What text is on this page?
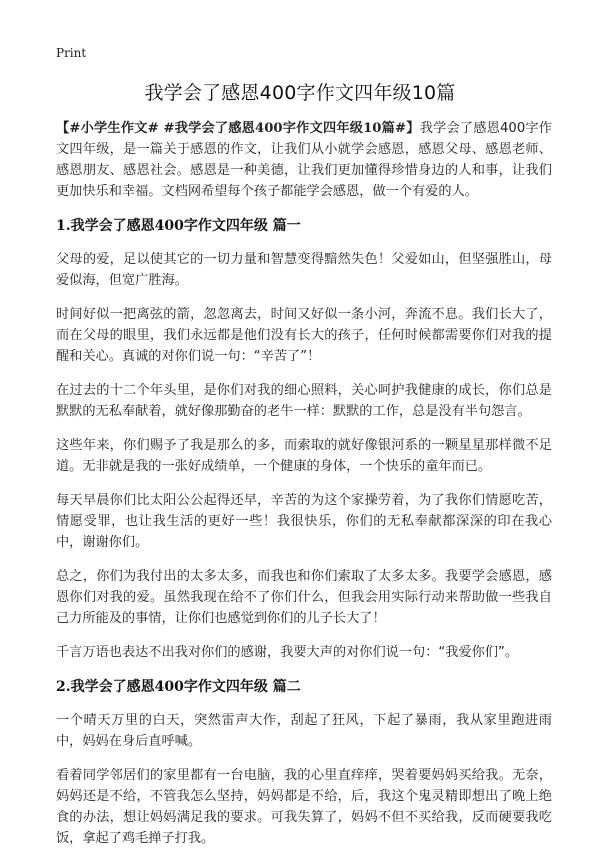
Print
我学会了感恩400字作文四年级10篇

【#小学生作文# #我学会了感恩400字作文四年级10篇#】我学会了感恩400字作文四年级，是一篇关于感恩的作文，让我们从小就学会感恩，感恩父母、感恩老师、感恩朋友、感恩社会。感恩是一种美德，让我们更加懂得珍惜身边的人和事，让我们更加快乐和幸福。文档网希望每个孩子都能学会感恩，做一个有爱的人。

1.我学会了感恩400字作文四年级 篇一

父母的爱，足以使其它的一切力量和智慧变得黯然失色！父爱如山，但坚强胜山，母爱似海，但宽广胜海。

时间好似一把离弦的箭，忽忽离去，时间又好似一条小河，奔流不息。我们长大了，而在父母的眼里，我们永远都是他们没有长大的孩子，任何时候都需要你们对我的提醒和关心。真诚的对你们说一句：“辛苦了”！

在过去的十二个年头里，是你们对我的细心照料，关心呵护我健康的成长，你们总是默默的无私奉献着，就好像那勤奋的老牛一样：默默的工作，总是没有半句怨言。

这些年来，你们赐予了我是那么的多，而索取的就好像银河系的一颗星星那样微不足道。无非就是我的一张好成绩单，一个健康的身体，一个快乐的童年而已。

每天早晨你们比太阳公公起得还早，辛苦的为这个家操劳着，为了我你们情愿吃苦，情愿受罪，也让我生活的更好一些！我很快乐，你们的无私奉献都深深的印在我心中，谢谢你们。

总之，你们为我付出的太多太多，而我也和你们索取了太多太多。我要学会感恩，感恩你们对我的爱。虽然我现在给不了你们什么，但我会用实际行动来帮助做一些我自己力所能及的事情，让你们也感觉到你们的儿子长大了！

千言万语也表达不出我对你们的感谢，我要大声的对你们说一句：“我爱你们”。

2.我学会了感恩400字作文四年级 篇二

一个晴天万里的白天，突然雷声大作，刮起了狂风，下起了暴雨，我从家里跑进雨中，妈妈在身后直呼喊。

看着同学邻居们的家里都有一台电脑，我的心里直痒痒，哭着要妈妈买给我。无奈，妈妈还是不给，不管我怎么坚持，妈妈都是不给，后，我这个鬼灵精即想出了晚上绝食的办法，想让妈妈满足我的要求。可我失算了，妈妈不但不买给我，反而硬要我吃饭，拿起了鸡毛掸子打我。
